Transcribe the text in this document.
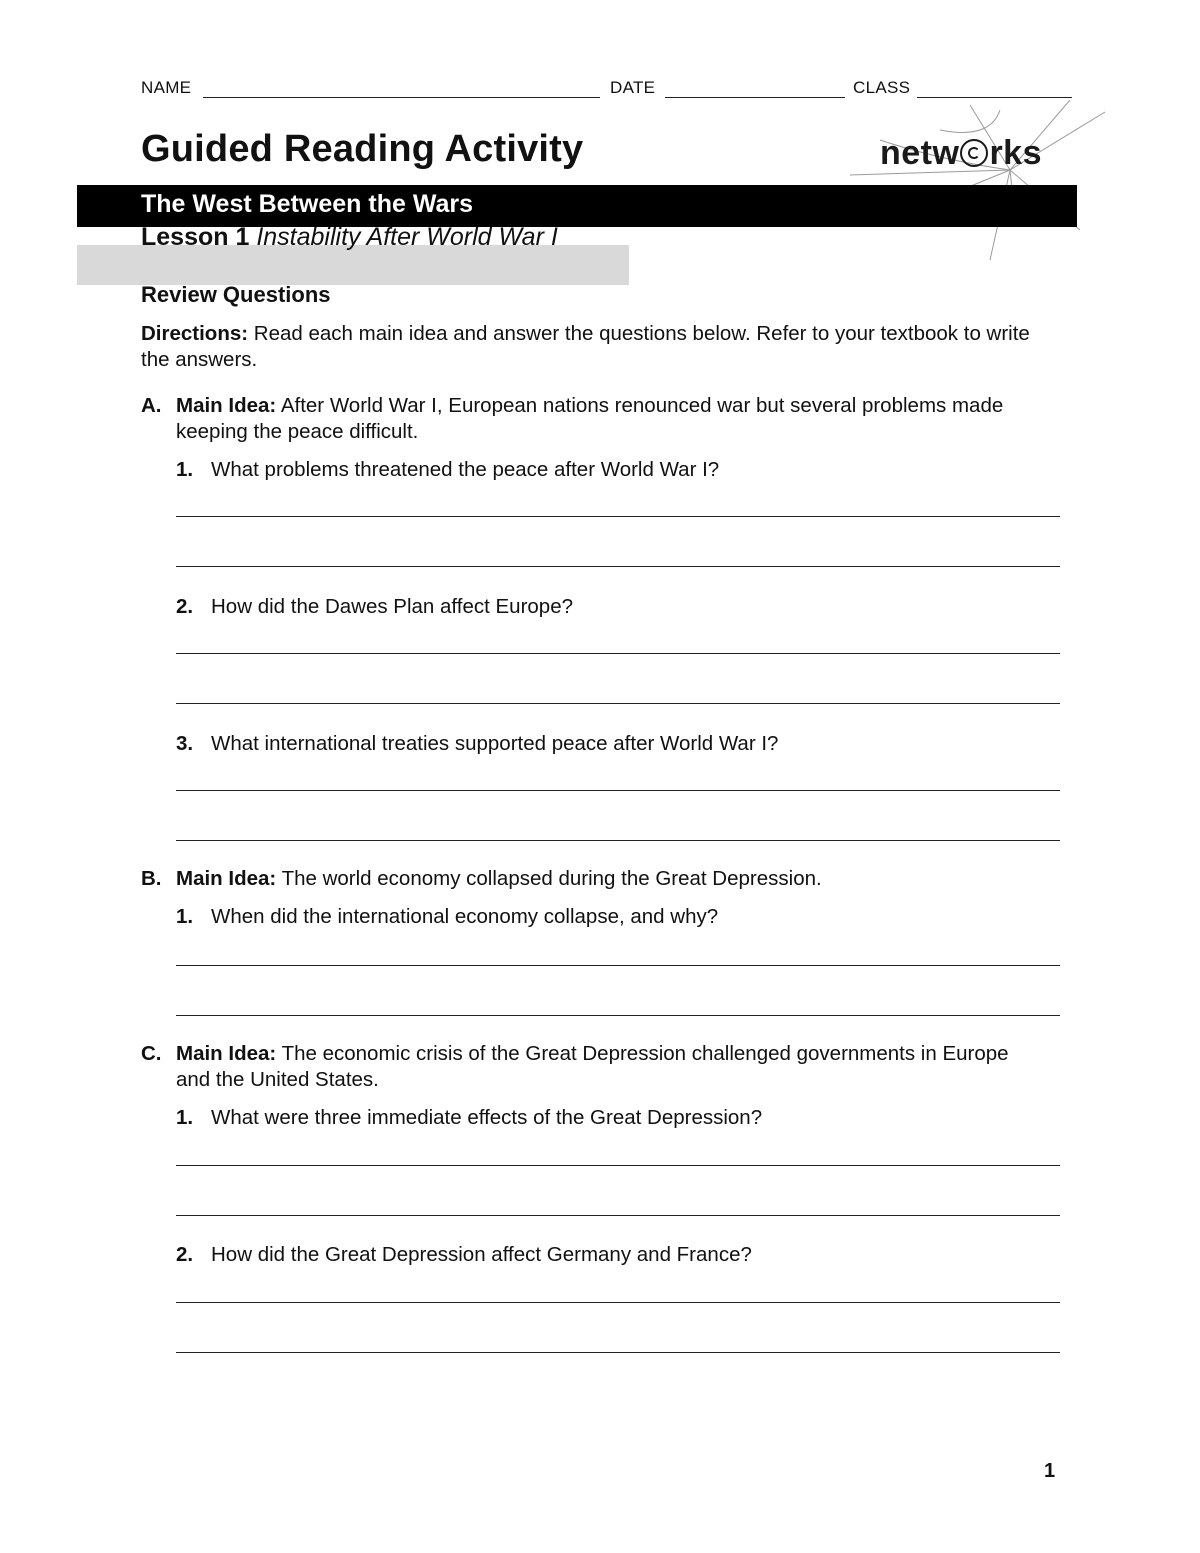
NAME	DATE	CLASS
Guided Reading Activity	netw rks
The West Between the Wars
Lesson 1 Instability After World War I
Review Questions
Directions: Read each main idea and answer the questions below. Refer to your textbook to write the answers.
A. Main Idea: After World War I, European nations renounced war but several problems made keeping the peace difficult.
1. What problems threatened the peace after World War I?
2. How did the Dawes Plan affect Europe?
3. What international treaties supported peace after World War I?
B. Main Idea: The world economy collapsed during the Great Depression.
1. When did the international economy collapse, and why?
C. Main Idea: The economic crisis of the Great Depression challenged governments in Europe and the United States.
1. What were three immediate effects of the Great Depression?
2. How did the Great Depression affect Germany and France?
1
